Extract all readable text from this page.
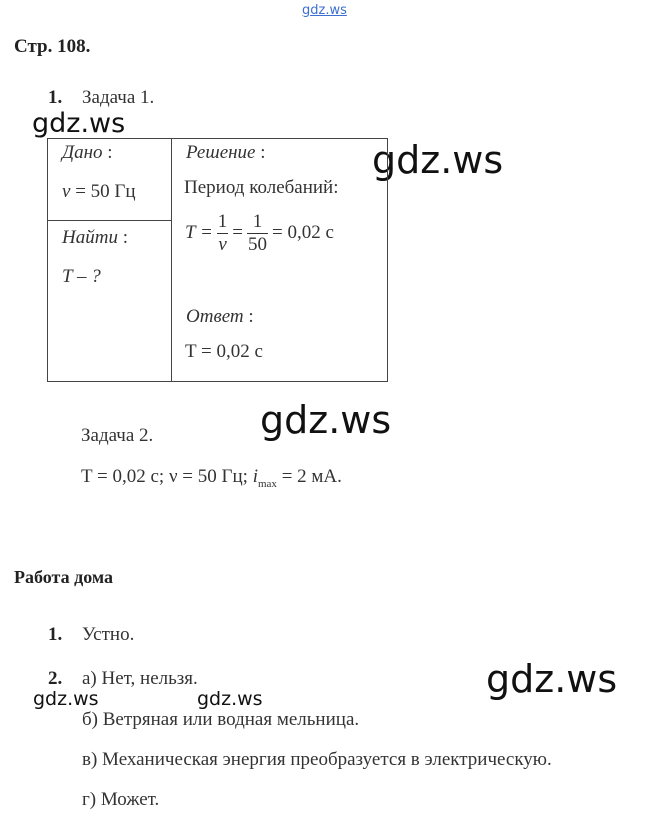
gdz.ws
gdz.ws
gdz.ws
gdz.ws
gdz.ws
gdz.ws	gdz.ws
Стр. 108.
1. Задача 1.
Дано :
ν = 50 Гц
Найти :
T – ?
Решение :
Период колебаний:
$T = \frac{1}{\nu} = \frac{1}{50} = 0,02$ с
Ответ :
T = 0,02 с
Задача 2.
T = 0,02 с; ν = 50 Гц; $i_{max} = 2$ мА.
Работа дома
1. Устно.
2. а) Нет, нельзя.
б) Ветряная или водная мельница.
в) Механическая энергия преобразуется в электрическую.
г) Может.
